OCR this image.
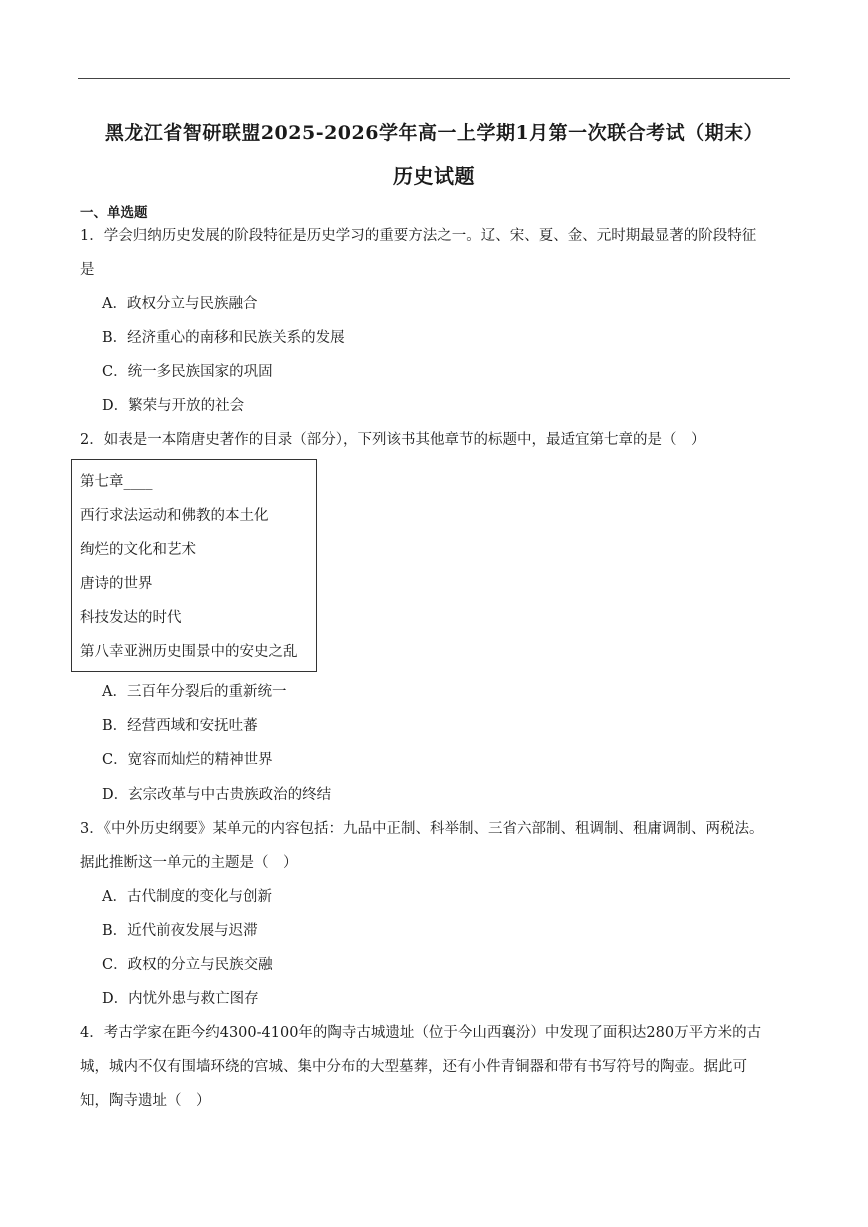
黑龙江省智研联盟2025-2026学年高一上学期1月第一次联合考试（期末）
历史试题
一、单选题
1．学会归纳历史发展的阶段特征是历史学习的重要方法之一。辽、宋、夏、金、元时期最显著的阶段特征
是
A．政权分立与民族融合
B．经济重心的南移和民族关系的发展
C．统一多民族国家的巩固
D．繁荣与开放的社会
2．如表是一本隋唐史著作的目录（部分），下列该书其他章节的标题中，最适宜第七章的是（　）
第七章____
西行求法运动和佛教的本土化
绚烂的文化和艺术
唐诗的世界
科技发达的时代
第八幸亚洲历史围景中的安史之乱
A．三百年分裂后的重新统一
B．经营西域和安抚吐蕃
C．宽容而灿烂的精神世界
D．玄宗改革与中古贵族政治的终结
3．《中外历史纲要》某单元的内容包括：九品中正制、科举制、三省六部制、租调制、租庸调制、两税法。
据此推断这一单元的主题是（　）
A．古代制度的变化与创新
B．近代前夜发展与迟滞
C．政权的分立与民族交融
D．内忧外患与救亡图存
4．考古学家在距今约4300-4100年的陶寺古城遗址（位于今山西襄汾）中发现了面积达280万平方米的古
城，城内不仅有围墙环绕的宫城、集中分布的大型墓葬，还有小件青铜器和带有书写符号的陶壶。据此可
知，陶寺遗址（　）
